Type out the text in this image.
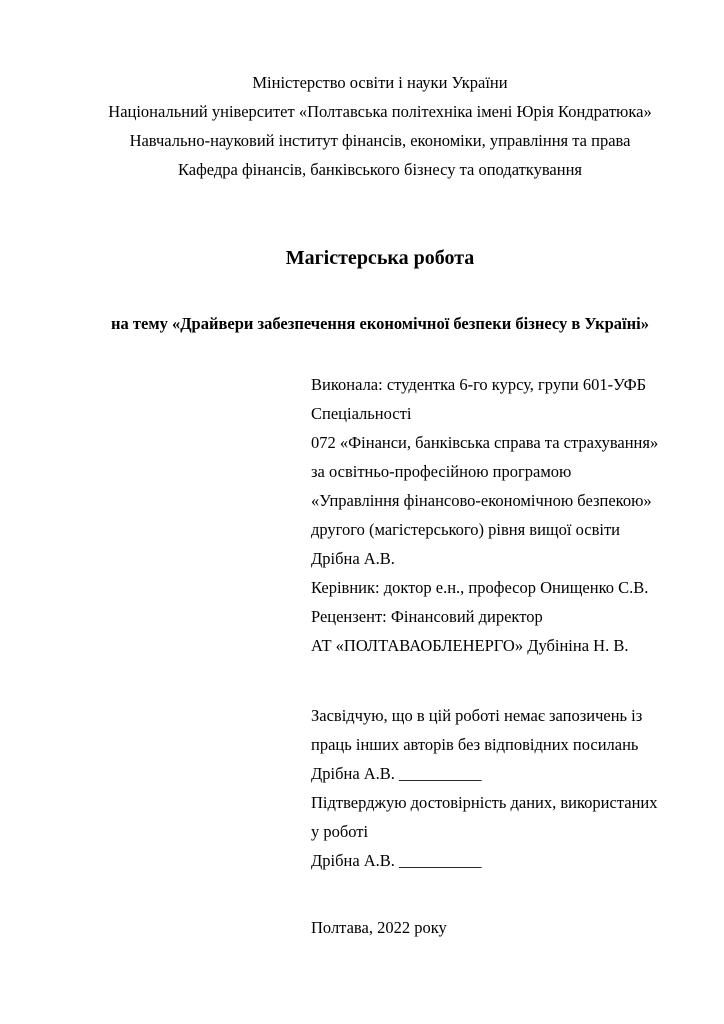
Міністерство освіти і науки України
Національний університет «Полтавська політехніка імені Юрія Кондратюка»
Навчально-науковий інститут фінансів, економіки, управління та права
Кафедра фінансів, банківського бізнесу та оподаткування
Магістерська робота
на тему «Драйвери забезпечення економічної безпеки бізнесу в Україні»
Виконала: студентка 6-го курсу, групи 601-УФБ
Спеціальності
072 «Фінанси, банківська справа та страхування»
за освітньо-професійною програмою
«Управління фінансово-економічною безпекою»
другого (магістерського) рівня вищої освіти
Дрібна А.В.
Керівник: доктор е.н., професор Онищенко С.В.
Рецензент: Фінансовий директор
АТ «ПОЛТАВАОБЛЕНЕРГО» Дубініна Н. В.
Засвідчую, що в цій роботі немає запозичень із
праць інших авторів без відповідних посилань
Дрібна А.В. __________
Підтверджую достовірність даних, використаних
у роботі
Дрібна А.В. __________
Полтава, 2022 року
